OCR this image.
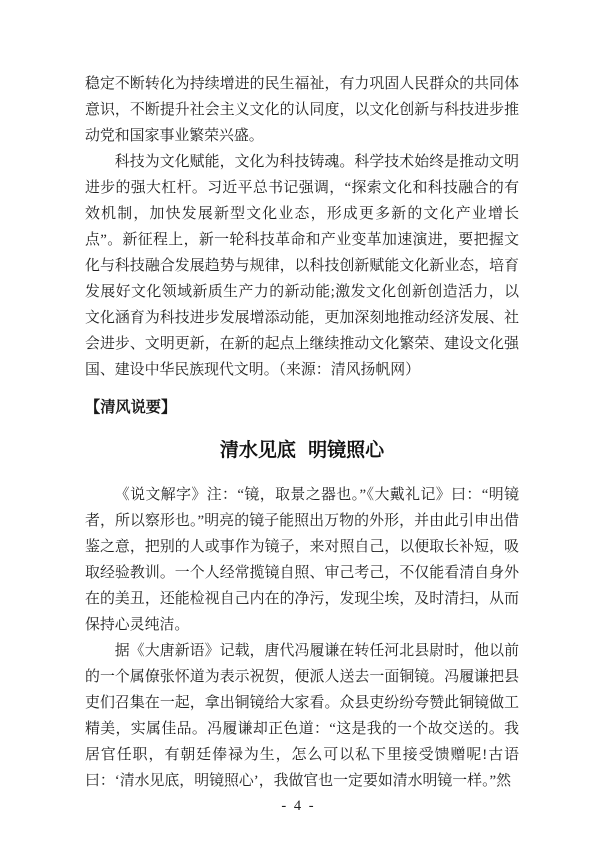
稳定不断转化为持续增进的民生福祉，有力巩固人民群众的共同体意识，不断提升社会主义文化的认同度，以文化创新与科技进步推动党和国家事业繁荣兴盛。

科技为文化赋能，文化为科技铸魂。科学技术始终是推动文明进步的强大杠杆。习近平总书记强调，“探索文化和科技融合的有效机制，加快发展新型文化业态，形成更多新的文化产业增长点”。新征程上，新一轮科技革命和产业变革加速演进，要把握文化与科技融合发展趋势与规律，以科技创新赋能文化新业态，培育发展好文化领域新质生产力的新动能;激发文化创新创造活力，以文化涵育为科技进步发展增添动能，更加深刻地推动经济发展、社会进步、文明更新，在新的起点上继续推动文化繁荣、建设文化强国、建设中华民族现代文明。（来源：清风扬帆网）

【清风说要】
清水见底 明镜照心

《说文解字》注：“镜，取景之器也。”《大戴礼记》曰：“明镜者，所以察形也。”明亮的镜子能照出万物的外形，并由此引申出借鉴之意，把别的人或事作为镜子，来对照自己，以便取长补短，吸取经验教训。一个人经常揽镜自照、审己考己，不仅能看清自身外在的美丑，还能检视自己内在的净污，发现尘埃，及时清扫，从而保持心灵纯洁。

据《大唐新语》记载，唐代冯履谦在转任河北县尉时，他以前的一个属僚张怀道为表示祝贺，便派人送去一面铜镜。冯履谦把县吏们召集在一起，拿出铜镜给大家看。众县吏纷纷夸赞此铜镜做工精美，实属佳品。冯履谦却正色道：“这是我的一个故交送的。我居官任职，有朝廷俸禄为生，怎么可以私下里接受馈赠呢!古语曰：‘清水见底，明镜照心’，我做官也一定要如清水明镜一样。”然

- 4 -
